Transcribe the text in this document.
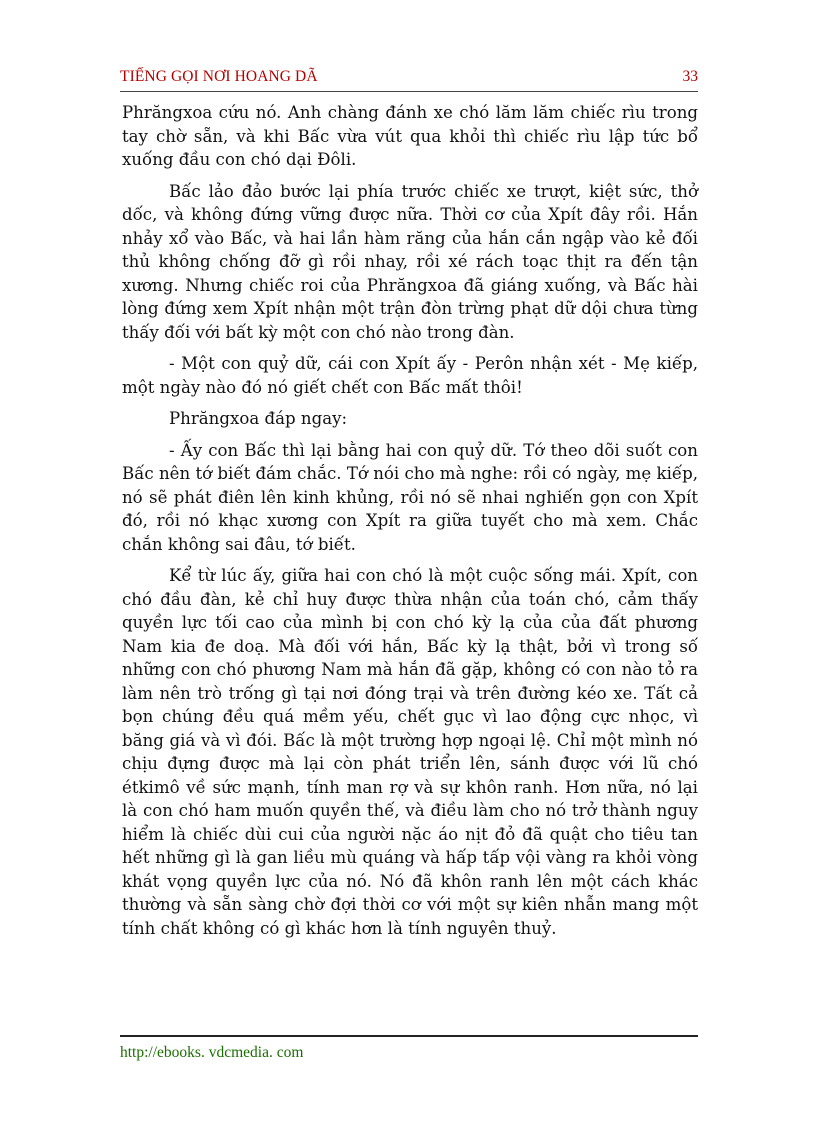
TIẾNG GỌI NƠI HOANG DÃ	33

Phrăngxoa cứu nó. Anh chàng đánh xe chó lăm lăm chiếc rìu trong tay chờ sẵn, và khi Bấc vừa vút qua khỏi thì chiếc rìu lập tức bổ xuống đầu con chó dại Đôli.

Bấc lảo đảo bước lại phía trước chiếc xe trượt, kiệt sức, thở dốc, và không đứng vững được nữa. Thời cơ của Xpít đây rồi. Hắn nhảy xổ vào Bấc, và hai lần hàm răng của hắn cắn ngập vào kẻ đối thủ không chống đỡ gì rồi nhay, rồi xé rách toạc thịt ra đến tận xương. Nhưng chiếc roi của Phrăngxoa đã giáng xuống, và Bấc hài lòng đứng xem Xpít nhận một trận đòn trừng phạt dữ dội chưa từng thấy đối với bất kỳ một con chó nào trong đàn.

- Một con quỷ dữ, cái con Xpít ấy - Perôn nhận xét - Mẹ kiếp, một ngày nào đó nó giết chết con Bấc mất thôi!

Phrăngxoa đáp ngay:

- Ấy con Bấc thì lại bằng hai con quỷ dữ. Tớ theo dõi suốt con Bấc nên tớ biết đám chắc. Tớ nói cho mà nghe: rồi có ngày, mẹ kiếp, nó sẽ phát điên lên kinh khủng, rồi nó sẽ nhai nghiến gọn con Xpít đó, rồi nó khạc xương con Xpít ra giữa tuyết cho mà xem. Chắc chắn không sai đâu, tớ biết.

Kể từ lúc ấy, giữa hai con chó là một cuộc sống mái. Xpít, con chó đầu đàn, kẻ chỉ huy được thừa nhận của toán chó, cảm thấy quyền lực tối cao của mình bị con chó kỳ lạ của của đất phương Nam kia đe doạ. Mà đối với hắn, Bấc kỳ lạ thật, bởi vì trong số những con chó phương Nam mà hắn đã gặp, không có con nào tỏ ra làm nên trò trống gì tại nơi đóng trại và trên đường kéo xe. Tất cả bọn chúng đều quá mềm yếu, chết gục vì lao động cực nhọc, vì băng giá và vì đói. Bấc là một trường hợp ngoại lệ. Chỉ một mình nó chịu đựng được mà lại còn phát triển lên, sánh được với lũ chó étkimô về sức mạnh, tính man rợ và sự khôn ranh. Hơn nữa, nó lại là con chó ham muốn quyền thế, và điều làm cho nó trở thành nguy hiểm là chiếc dùi cui của người nặc áo nịt đỏ đã quật cho tiêu tan hết những gì là gan liều mù quáng và hấp tấp vội vàng ra khỏi vòng khát vọng quyền lực của nó. Nó đã khôn ranh lên một cách khác thường và sẵn sàng chờ đợi thời cơ với một sự kiên nhẫn mang một tính chất không có gì khác hơn là tính nguyên thuỷ.

http://ebooks. vdcmedia. com
